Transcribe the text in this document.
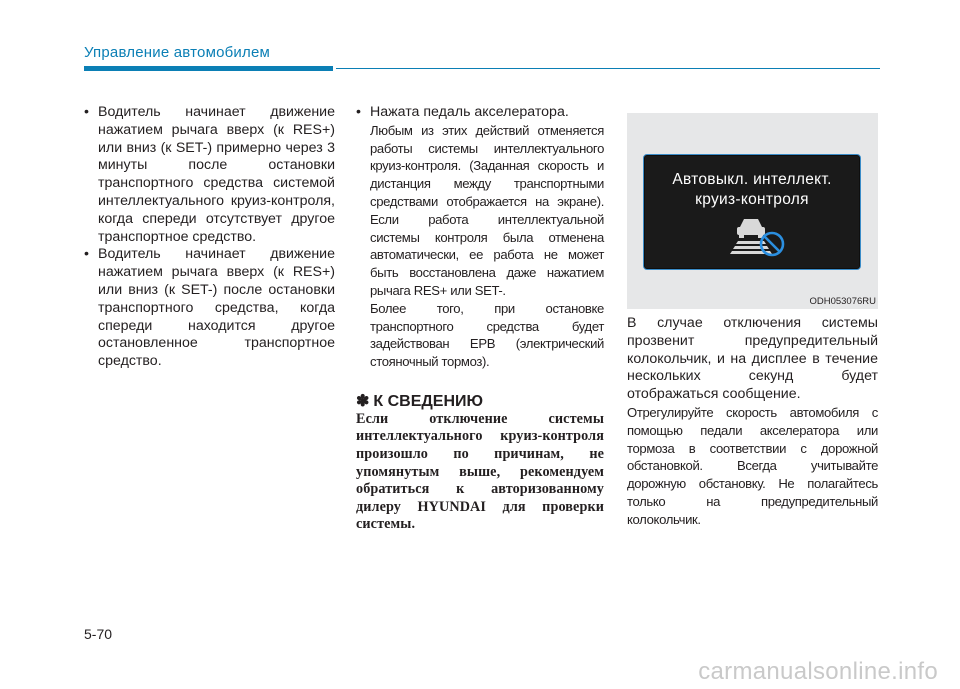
Управление автомобилем

• Водитель начинает движение нажатием рычага вверх (к RES+) или вниз (к SET-) примерно через 3 минуты после остановки транспортного средства системой интеллектуального круиз-контроля, когда спереди отсутствует другое транспортное средство.

• Водитель начинает движение нажатием рычага вверх (к RES+) или вниз (к SET-) после остановки транспортного средства, когда спереди находится другое остановленное транспортное средство.

• Нажата педаль акселератора.

Любым из этих действий отменяется работы системы интеллектуального круиз-контроля. (Заданная скорость и дистанция между транспортными средствами отображается на экране). Если работа интеллектуальной системы контроля была отменена автоматически, ее работа не может быть восстановлена даже нажатием рычага RES+ или SET-.

Более того, при остановке транспортного средства будет задействован EPB (электрический стояночный тормоз).

✽ К СВЕДЕНИЮ

Если отключение системы интеллектуального круиз-контроля произошло по причинам, не упомянутым выше, рекомендуем обратиться к авторизованному дилеру HYUNDAI для проверки системы.

Автовыкл. интеллект.
круиз-контроля
ODH053076RU

В случае отключения системы прозвенит предупредительный колокольчик, и на дисплее в течение нескольких секунд будет отображаться сообщение.

Отрегулируйте скорость автомобиля с помощью педали акселератора или тормоза в соответствии с дорожной обстановкой. Всегда учитывайте дорожную обстановку. Не полагайтесь только на предупредительный колокольчик.

5-70
carmanualsonline.info
